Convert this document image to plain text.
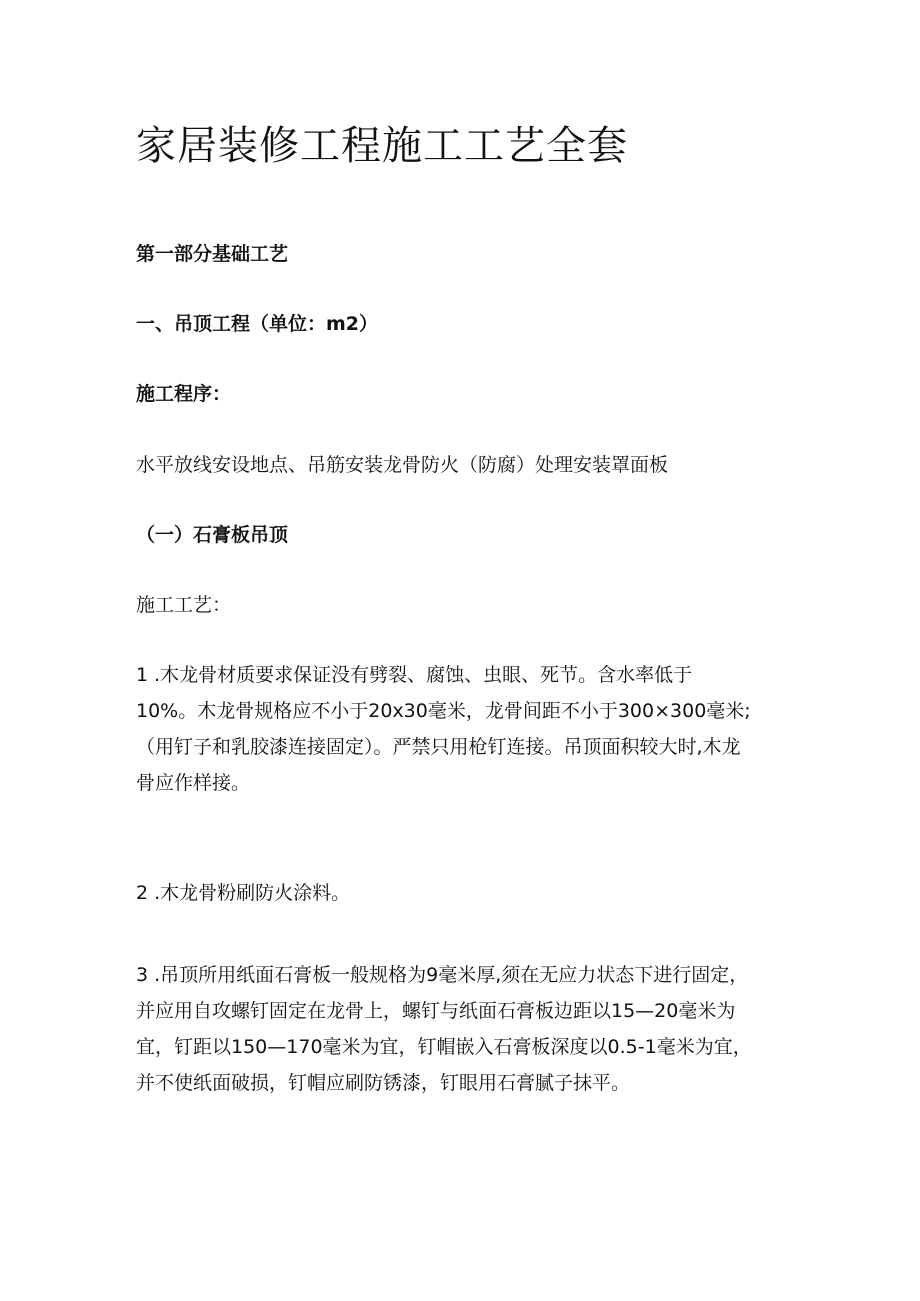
家居装修工程施工工艺全套

第一部分基础工艺

一、吊顶工程（单位：m2）

施工程序：

水平放线安设地点、吊筋安装龙骨防火（防腐）处理安装罩面板

（一）石膏板吊顶

施工工艺：

1 .木龙骨材质要求保证没有劈裂、腐蚀、虫眼、死节。含水率低于
10%。木龙骨规格应不小于20x30毫米，龙骨间距不小于300×300毫米;
（用钉子和乳胶漆连接固定）。严禁只用枪钉连接。吊顶面积较大时,木龙
骨应作样接。
2 .木龙骨粉刷防火涂料。
3 .吊顶所用纸面石膏板一般规格为9毫米厚,须在无应力状态下进行固定，
并应用自攻螺钉固定在龙骨上，螺钉与纸面石膏板边距以15—20毫米为
宜，钉距以150—170毫米为宜，钉帽嵌入石膏板深度以0.5-1毫米为宜，
并不使纸面破损，钉帽应刷防锈漆，钉眼用石膏腻子抹平。
